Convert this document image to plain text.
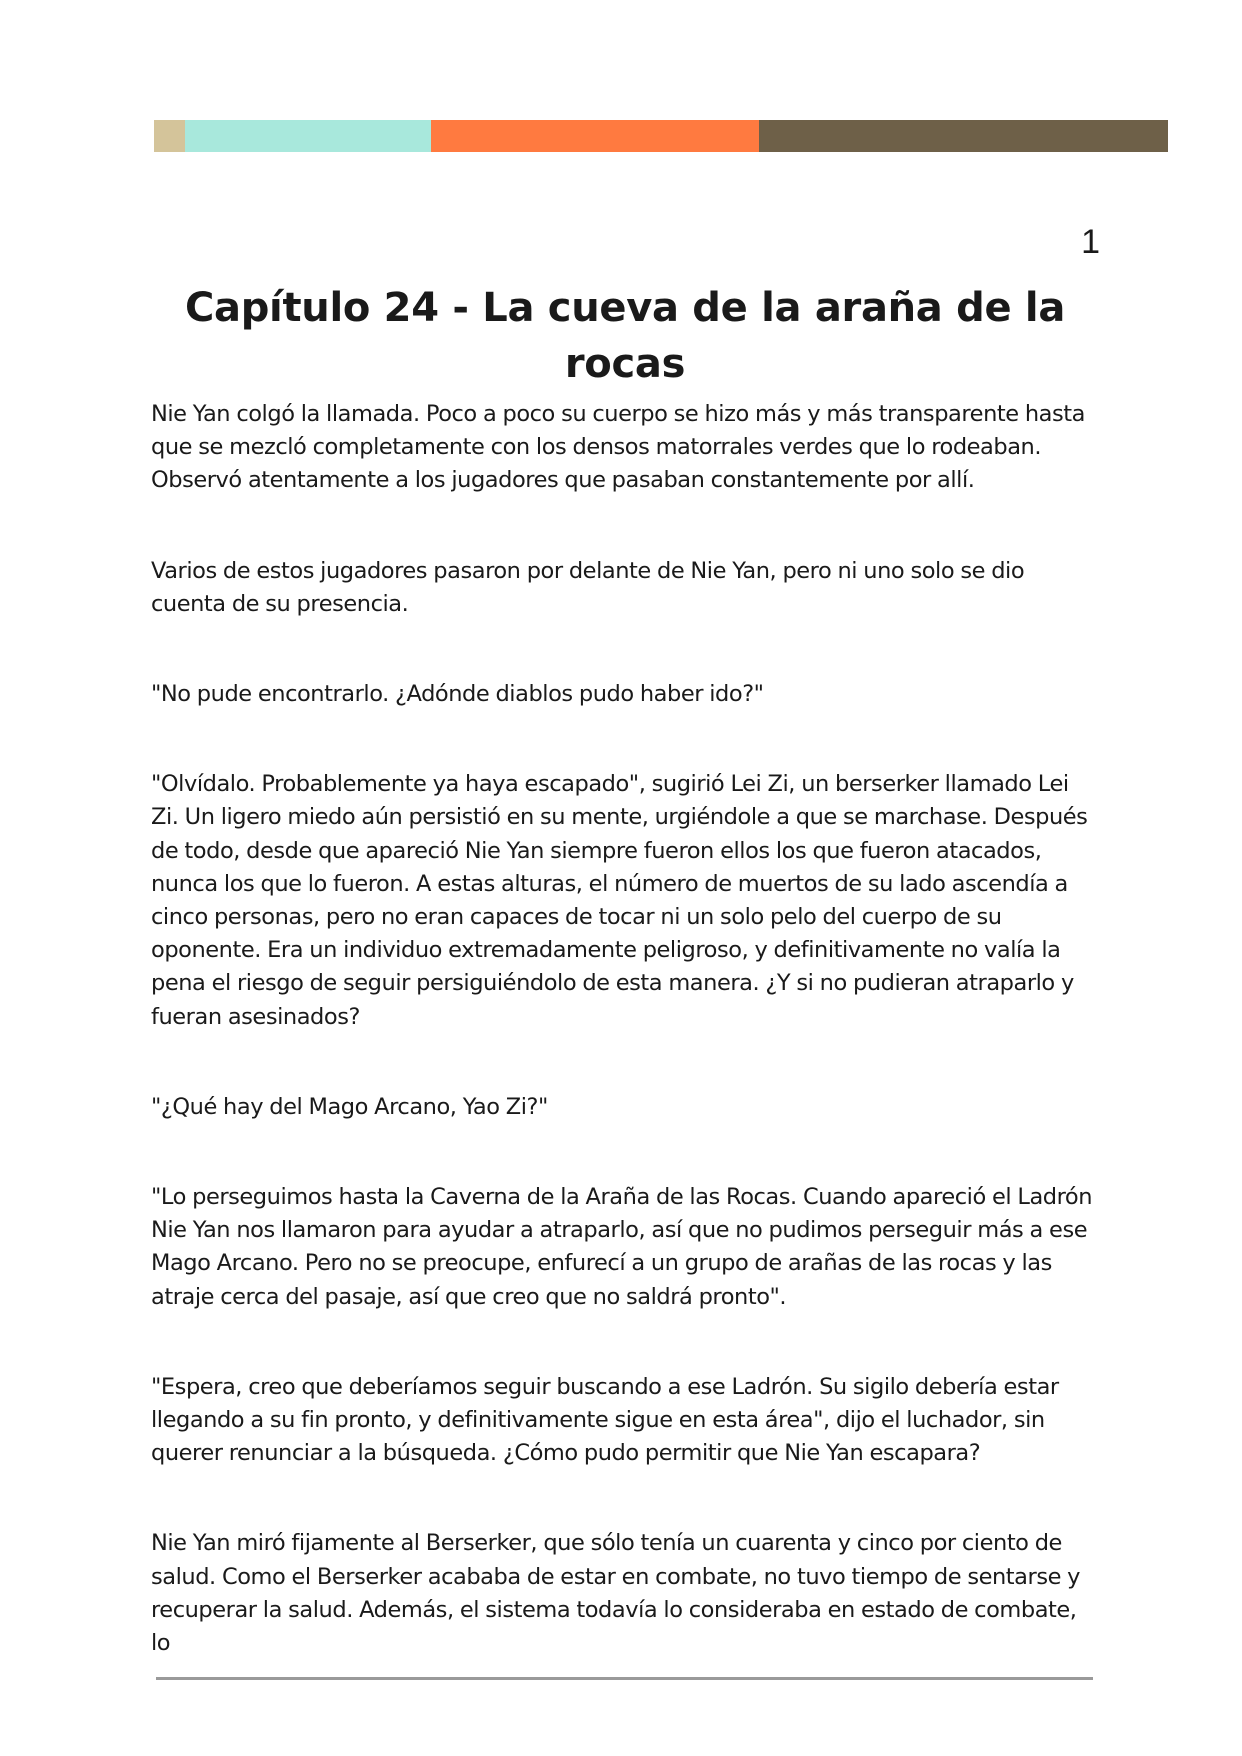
1
Capítulo 24 - La cueva de la araña de la rocas

Nie Yan colgó la llamada. Poco a poco su cuerpo se hizo más y más transparente hasta que se mezcló completamente con los densos matorrales verdes que lo rodeaban. Observó atentamente a los jugadores que pasaban constantemente por allí.

Varios de estos jugadores pasaron por delante de Nie Yan, pero ni uno solo se dio cuenta de su presencia.

"No pude encontrarlo. ¿Adónde diablos pudo haber ido?"

"Olvídalo. Probablemente ya haya escapado", sugirió Lei Zi, un berserker llamado Lei Zi. Un ligero miedo aún persistió en su mente, urgiéndole a que se marchase. Después de todo, desde que apareció Nie Yan siempre fueron ellos los que fueron atacados, nunca los que lo fueron. A estas alturas, el número de muertos de su lado ascendía a cinco personas, pero no eran capaces de tocar ni un solo pelo del cuerpo de su oponente. Era un individuo extremadamente peligroso, y definitivamente no valía la pena el riesgo de seguir persiguiéndolo de esta manera. ¿Y si no pudieran atraparlo y fueran asesinados?

"¿Qué hay del Mago Arcano, Yao Zi?"

"Lo perseguimos hasta la Caverna de la Araña de las Rocas. Cuando apareció el Ladrón Nie Yan nos llamaron para ayudar a atraparlo, así que no pudimos perseguir más a ese Mago Arcano. Pero no se preocupe, enfurecí a un grupo de arañas de las rocas y las atraje cerca del pasaje, así que creo que no saldrá pronto".

"Espera, creo que deberíamos seguir buscando a ese Ladrón. Su sigilo debería estar llegando a su fin pronto, y definitivamente sigue en esta área", dijo el luchador, sin querer renunciar a la búsqueda. ¿Cómo pudo permitir que Nie Yan escapara?

Nie Yan miró fijamente al Berserker, que sólo tenía un cuarenta y cinco por ciento de salud. Como el Berserker acababa de estar en combate, no tuvo tiempo de sentarse y recuperar la salud. Además, el sistema todavía lo consideraba en estado de combate, lo
